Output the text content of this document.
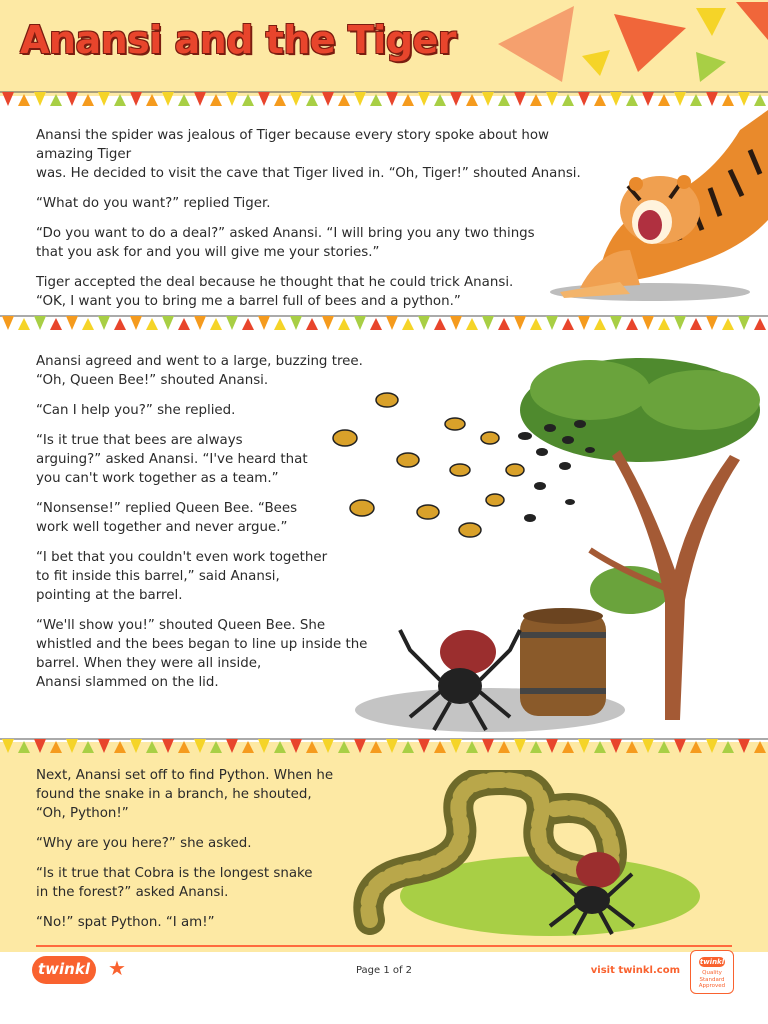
Anansi and the Tiger

Anansi the spider was jealous of Tiger because every story spoke about how amazing Tiger
was. He decided to visit the cave that Tiger lived in. “Oh, Tiger!” shouted Anansi.

“What do you want?” replied Tiger.

“Do you want to do a deal?” asked Anansi. “I will bring you any two things
that you ask for and you will give me your stories.”

Tiger accepted the deal because he thought that he could trick Anansi.
“OK, I want you to bring me a barrel full of bees and a python.”

Anansi agreed and went to a large, buzzing tree.
“Oh, Queen Bee!” shouted Anansi.

“Can I help you?” she replied.

“Is it true that bees are always
arguing?” asked Anansi. “I've heard that
you can't work together as a team.”

“Nonsense!” replied Queen Bee. “Bees
work well together and never argue.”

“I bet that you couldn't even work together
to fit inside this barrel,” said Anansi,
pointing at the barrel.

“We'll show you!” shouted Queen Bee. She
whistled and the bees began to line up inside the
barrel. When they were all inside,
Anansi slammed on the lid.

Next, Anansi set off to find Python. When he
found the snake in a branch, he shouted,
“Oh, Python!”

“Why are you here?” she asked.

“Is it true that Cobra is the longest snake
in the forest?” asked Anansi.

“No!” spat Python. “I am!”

twinkl ★	Page 1 of 2	visit twinkl.com
twinkl
Quality Standard Approved
